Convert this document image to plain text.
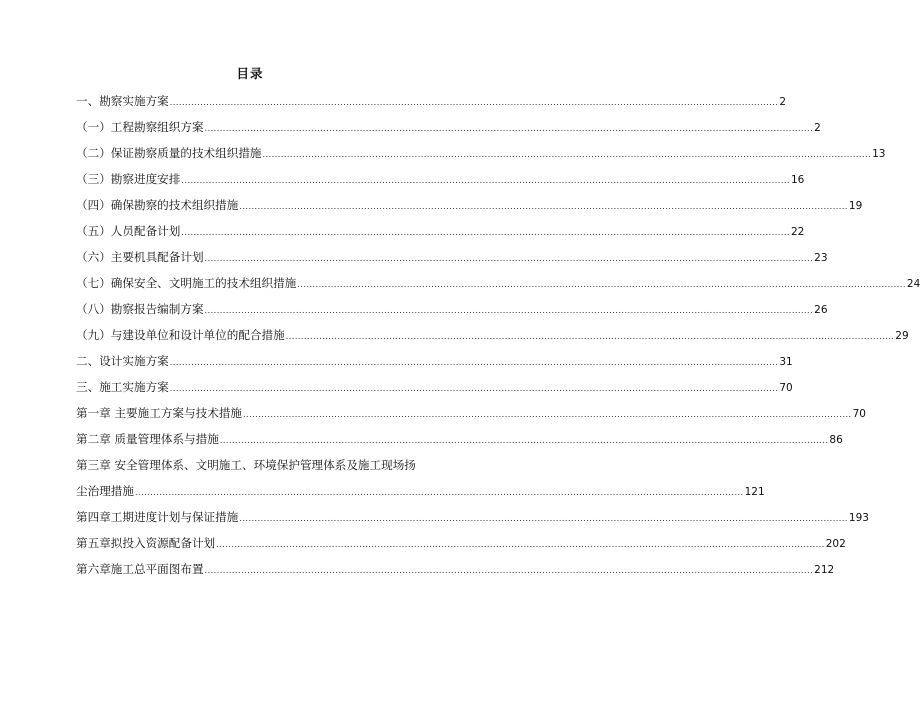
目录
一、勘察实施方案 ........................................................................................................................................................................................................ 2
（一）工程勘察组织方案 ........................................................................................................................................................................................................ 2
（二）保证勘察质量的技术组织措施 ........................................................................................................................................................................................................ 13
（三）勘察进度安排 ........................................................................................................................................................................................................ 16
（四）确保勘察的技术组织措施 ........................................................................................................................................................................................................ 19
（五）人员配备计划 ........................................................................................................................................................................................................ 22
（六）主要机具配备计划 ........................................................................................................................................................................................................ 23
（七）确保安全、文明施工的技术组织措施 ........................................................................................................................................................................................................ 24
（八）勘察报告编制方案 ........................................................................................................................................................................................................ 26
（九）与建设单位和设计单位的配合措施 ........................................................................................................................................................................................................ 29
二、设计实施方案 ........................................................................................................................................................................................................ 31
三、施工实施方案 ........................................................................................................................................................................................................ 70
第一章 主要施工方案与技术措施 ........................................................................................................................................................................................................ 70
第二章 质量管理体系与措施 ........................................................................................................................................................................................................ 86
第三章 安全管理体系、文明施工、环境保护管理体系及施工现场扬
尘治理措施 ........................................................................................................................................................................................................ 121
第四章工期进度计划与保证措施 ........................................................................................................................................................................................................ 193
第五章拟投入资源配备计划 ........................................................................................................................................................................................................ 202
第六章施工总平面图布置 ........................................................................................................................................................................................................ 212
